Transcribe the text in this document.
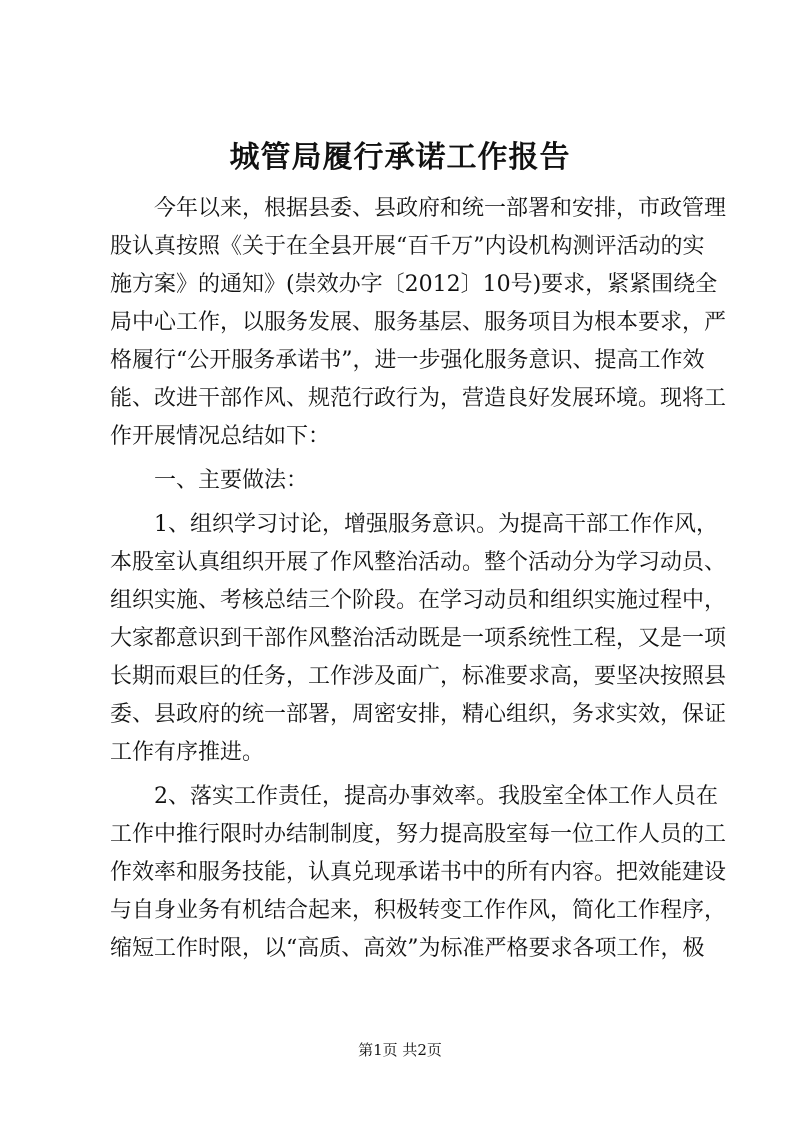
城管局履行承诺工作报告
今年以来，根据县委、县政府和统一部署和安排，市政管理
股认真按照《关于在全县开展“百千万”内设机构测评活动的实
施方案》的通知》(崇效办字〔2012〕10号)要求，紧紧围绕全
局中心工作，以服务发展、服务基层、服务项目为根本要求，严
格履行“公开服务承诺书”，进一步强化服务意识、提高工作效
能、改进干部作风、规范行政行为，营造良好发展环境。现将工
作开展情况总结如下：
一、主要做法：
1、组织学习讨论，增强服务意识。为提高干部工作作风，
本股室认真组织开展了作风整治活动。整个活动分为学习动员、
组织实施、考核总结三个阶段。在学习动员和组织实施过程中，
大家都意识到干部作风整治活动既是一项系统性工程，又是一项
长期而艰巨的任务，工作涉及面广，标准要求高，要坚决按照县
委、县政府的统一部署，周密安排，精心组织，务求实效，保证
工作有序推进。
2、落实工作责任，提高办事效率。我股室全体工作人员在
工作中推行限时办结制制度，努力提高股室每一位工作人员的工
作效率和服务技能，认真兑现承诺书中的所有内容。把效能建设
与自身业务有机结合起来，积极转变工作作风，简化工作程序，
缩短工作时限，以“高质、高效”为标准严格要求各项工作，极
第1页 共2页
